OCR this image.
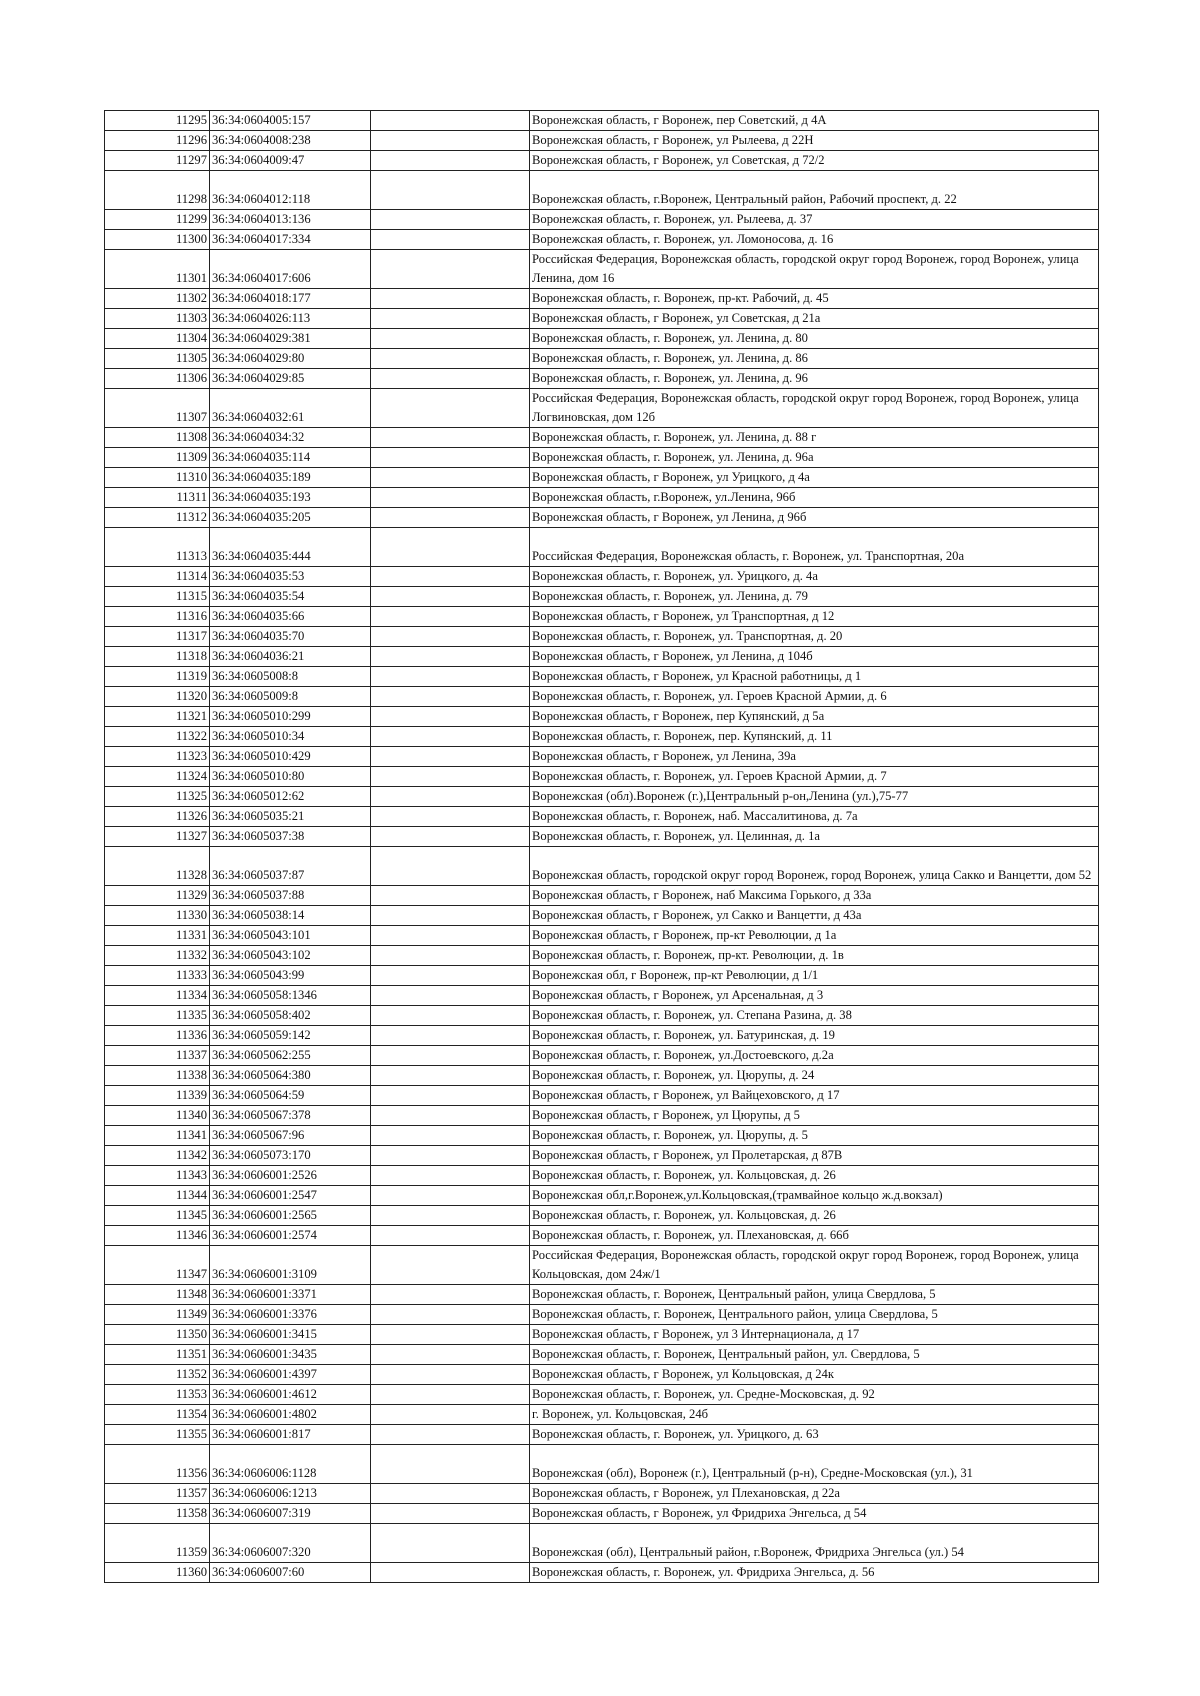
11295	36:34:0604005:157		Воронежская область, г Воронеж, пер Советский, д 4А
11296	36:34:0604008:238		Воронежская область, г Воронеж, ул Рылеева, д 22Н
11297	36:34:0604009:47		Воронежская область, г Воронеж, ул Советская, д 72/2
11298	36:34:0604012:118		Воронежская область, г.Воронеж, Центральный район, Рабочий проспект, д. 22
11299	36:34:0604013:136		Воронежская область, г. Воронеж, ул. Рылеева, д. 37
11300	36:34:0604017:334		Воронежская область, г. Воронеж, ул. Ломоносова, д. 16
11301	36:34:0604017:606		Российская Федерация, Воронежская область, городской округ город Воронеж, город Воронеж, улица Ленина, дом 16
11302	36:34:0604018:177		Воронежская область, г. Воронеж, пр-кт. Рабочий, д. 45
11303	36:34:0604026:113		Воронежская область, г Воронеж, ул Советская, д 21а
11304	36:34:0604029:381		Воронежская область, г. Воронеж, ул. Ленина, д. 80
11305	36:34:0604029:80		Воронежская область, г. Воронеж, ул. Ленина, д. 86
11306	36:34:0604029:85		Воронежская область, г. Воронеж, ул. Ленина, д. 96
11307	36:34:0604032:61		Российская Федерация, Воронежская область, городской округ город Воронеж, город Воронеж, улица Логвиновская, дом 12б
11308	36:34:0604034:32		Воронежская область, г. Воронеж, ул. Ленина, д. 88 г
11309	36:34:0604035:114		Воронежская область, г. Воронеж, ул. Ленина, д. 96а
11310	36:34:0604035:189		Воронежская область, г Воронеж, ул Урицкого, д 4а
11311	36:34:0604035:193		Воронежская область, г.Воронеж, ул.Ленина, 96б
11312	36:34:0604035:205		Воронежская область, г Воронеж, ул Ленина, д 96б
11313	36:34:0604035:444		Российская Федерация, Воронежская область, г. Воронеж, ул. Транспортная, 20а
11314	36:34:0604035:53		Воронежская область, г. Воронеж, ул. Урицкого, д. 4а
11315	36:34:0604035:54		Воронежская область, г. Воронеж, ул. Ленина, д. 79
11316	36:34:0604035:66		Воронежская область, г Воронеж, ул Транспортная, д 12
11317	36:34:0604035:70		Воронежская область, г. Воронеж, ул. Транспортная, д. 20
11318	36:34:0604036:21		Воронежская область, г Воронеж, ул Ленина, д 104б
11319	36:34:0605008:8		Воронежская область, г Воронеж, ул Красной работницы, д 1
11320	36:34:0605009:8		Воронежская область, г. Воронеж, ул. Героев Красной Армии, д. 6
11321	36:34:0605010:299		Воронежская область, г Воронеж, пер Купянский, д 5а
11322	36:34:0605010:34		Воронежская область, г. Воронеж, пер. Купянский, д. 11
11323	36:34:0605010:429		Воронежская область, г Воронеж, ул Ленина, 39а
11324	36:34:0605010:80		Воронежская область, г. Воронеж, ул. Героев Красной Армии, д. 7
11325	36:34:0605012:62		Воронежская (обл).Воронеж (г.),Центральный р-он,Ленина (ул.),75-77
11326	36:34:0605035:21		Воронежская область, г. Воронеж, наб. Массалитинова, д. 7а
11327	36:34:0605037:38		Воронежская область, г. Воронеж, ул. Целинная, д. 1а
11328	36:34:0605037:87		Воронежская область, городской округ город Воронеж, город Воронеж, улица Сакко и Ванцетти, дом 52
11329	36:34:0605037:88		Воронежская область, г Воронеж, наб Максима Горького, д 33а
11330	36:34:0605038:14		Воронежская область, г Воронеж, ул Сакко и Ванцетти, д 43а
11331	36:34:0605043:101		Воронежская область, г Воронеж, пр-кт Революции, д 1а
11332	36:34:0605043:102		Воронежская область, г. Воронеж, пр-кт. Революции, д. 1в
11333	36:34:0605043:99		Воронежская обл, г Воронеж, пр-кт Революции, д 1/1
11334	36:34:0605058:1346		Воронежская область, г Воронеж, ул Арсенальная, д 3
11335	36:34:0605058:402		Воронежская область, г. Воронеж, ул. Степана Разина, д. 38
11336	36:34:0605059:142		Воронежская область, г. Воронеж, ул. Батуринская, д. 19
11337	36:34:0605062:255		Воронежская область, г. Воронеж, ул.Достоевского, д.2а
11338	36:34:0605064:380		Воронежская область, г. Воронеж, ул. Цюрупы, д. 24
11339	36:34:0605064:59		Воронежская область, г Воронеж, ул Вайцеховского, д 17
11340	36:34:0605067:378		Воронежская область, г Воронеж, ул Цюрупы, д 5
11341	36:34:0605067:96		Воронежская область, г. Воронеж, ул. Цюрупы, д. 5
11342	36:34:0605073:170		Воронежская область, г Воронеж, ул Пролетарская, д 87В
11343	36:34:0606001:2526		Воронежская область, г. Воронеж, ул. Кольцовская, д. 26
11344	36:34:0606001:2547		Воронежская обл,г.Воронеж,ул.Кольцовская,(трамвайное кольцо ж.д.вокзал)
11345	36:34:0606001:2565		Воронежская область, г. Воронеж, ул. Кольцовская, д. 26
11346	36:34:0606001:2574		Воронежская область, г. Воронеж, ул. Плехановская, д. 66б
11347	36:34:0606001:3109		Российская Федерация, Воронежская область, городской округ город Воронеж, город Воронеж, улица Кольцовская, дом 24ж/1
11348	36:34:0606001:3371		Воронежская область, г. Воронеж, Центральный район, улица Свердлова, 5
11349	36:34:0606001:3376		Воронежская область, г. Воронеж, Центрального район, улица Свердлова, 5
11350	36:34:0606001:3415		Воронежская область, г Воронеж, ул 3 Интернационала, д 17
11351	36:34:0606001:3435		Воронежская область, г. Воронеж, Центральный район, ул. Свердлова, 5
11352	36:34:0606001:4397		Воронежская область, г Воронеж, ул Кольцовская, д 24к
11353	36:34:0606001:4612		Воронежская область, г. Воронеж, ул. Средне-Московская, д. 92
11354	36:34:0606001:4802		г. Воронеж, ул. Кольцовская, 24б
11355	36:34:0606001:817		Воронежская область, г. Воронеж, ул. Урицкого, д. 63
11356	36:34:0606006:1128		Воронежская (обл), Воронеж (г.), Центральный (р-н), Средне-Московская (ул.), 31
11357	36:34:0606006:1213		Воронежская область, г Воронеж, ул Плехановская, д 22а
11358	36:34:0606007:319		Воронежская область, г Воронеж, ул Фридриха Энгельса, д 54
11359	36:34:0606007:320		Воронежская (обл), Центральный район, г.Воронеж, Фридриха Энгельса (ул.) 54
11360	36:34:0606007:60		Воронежская область, г. Воронеж, ул. Фридриха Энгельса, д. 56
